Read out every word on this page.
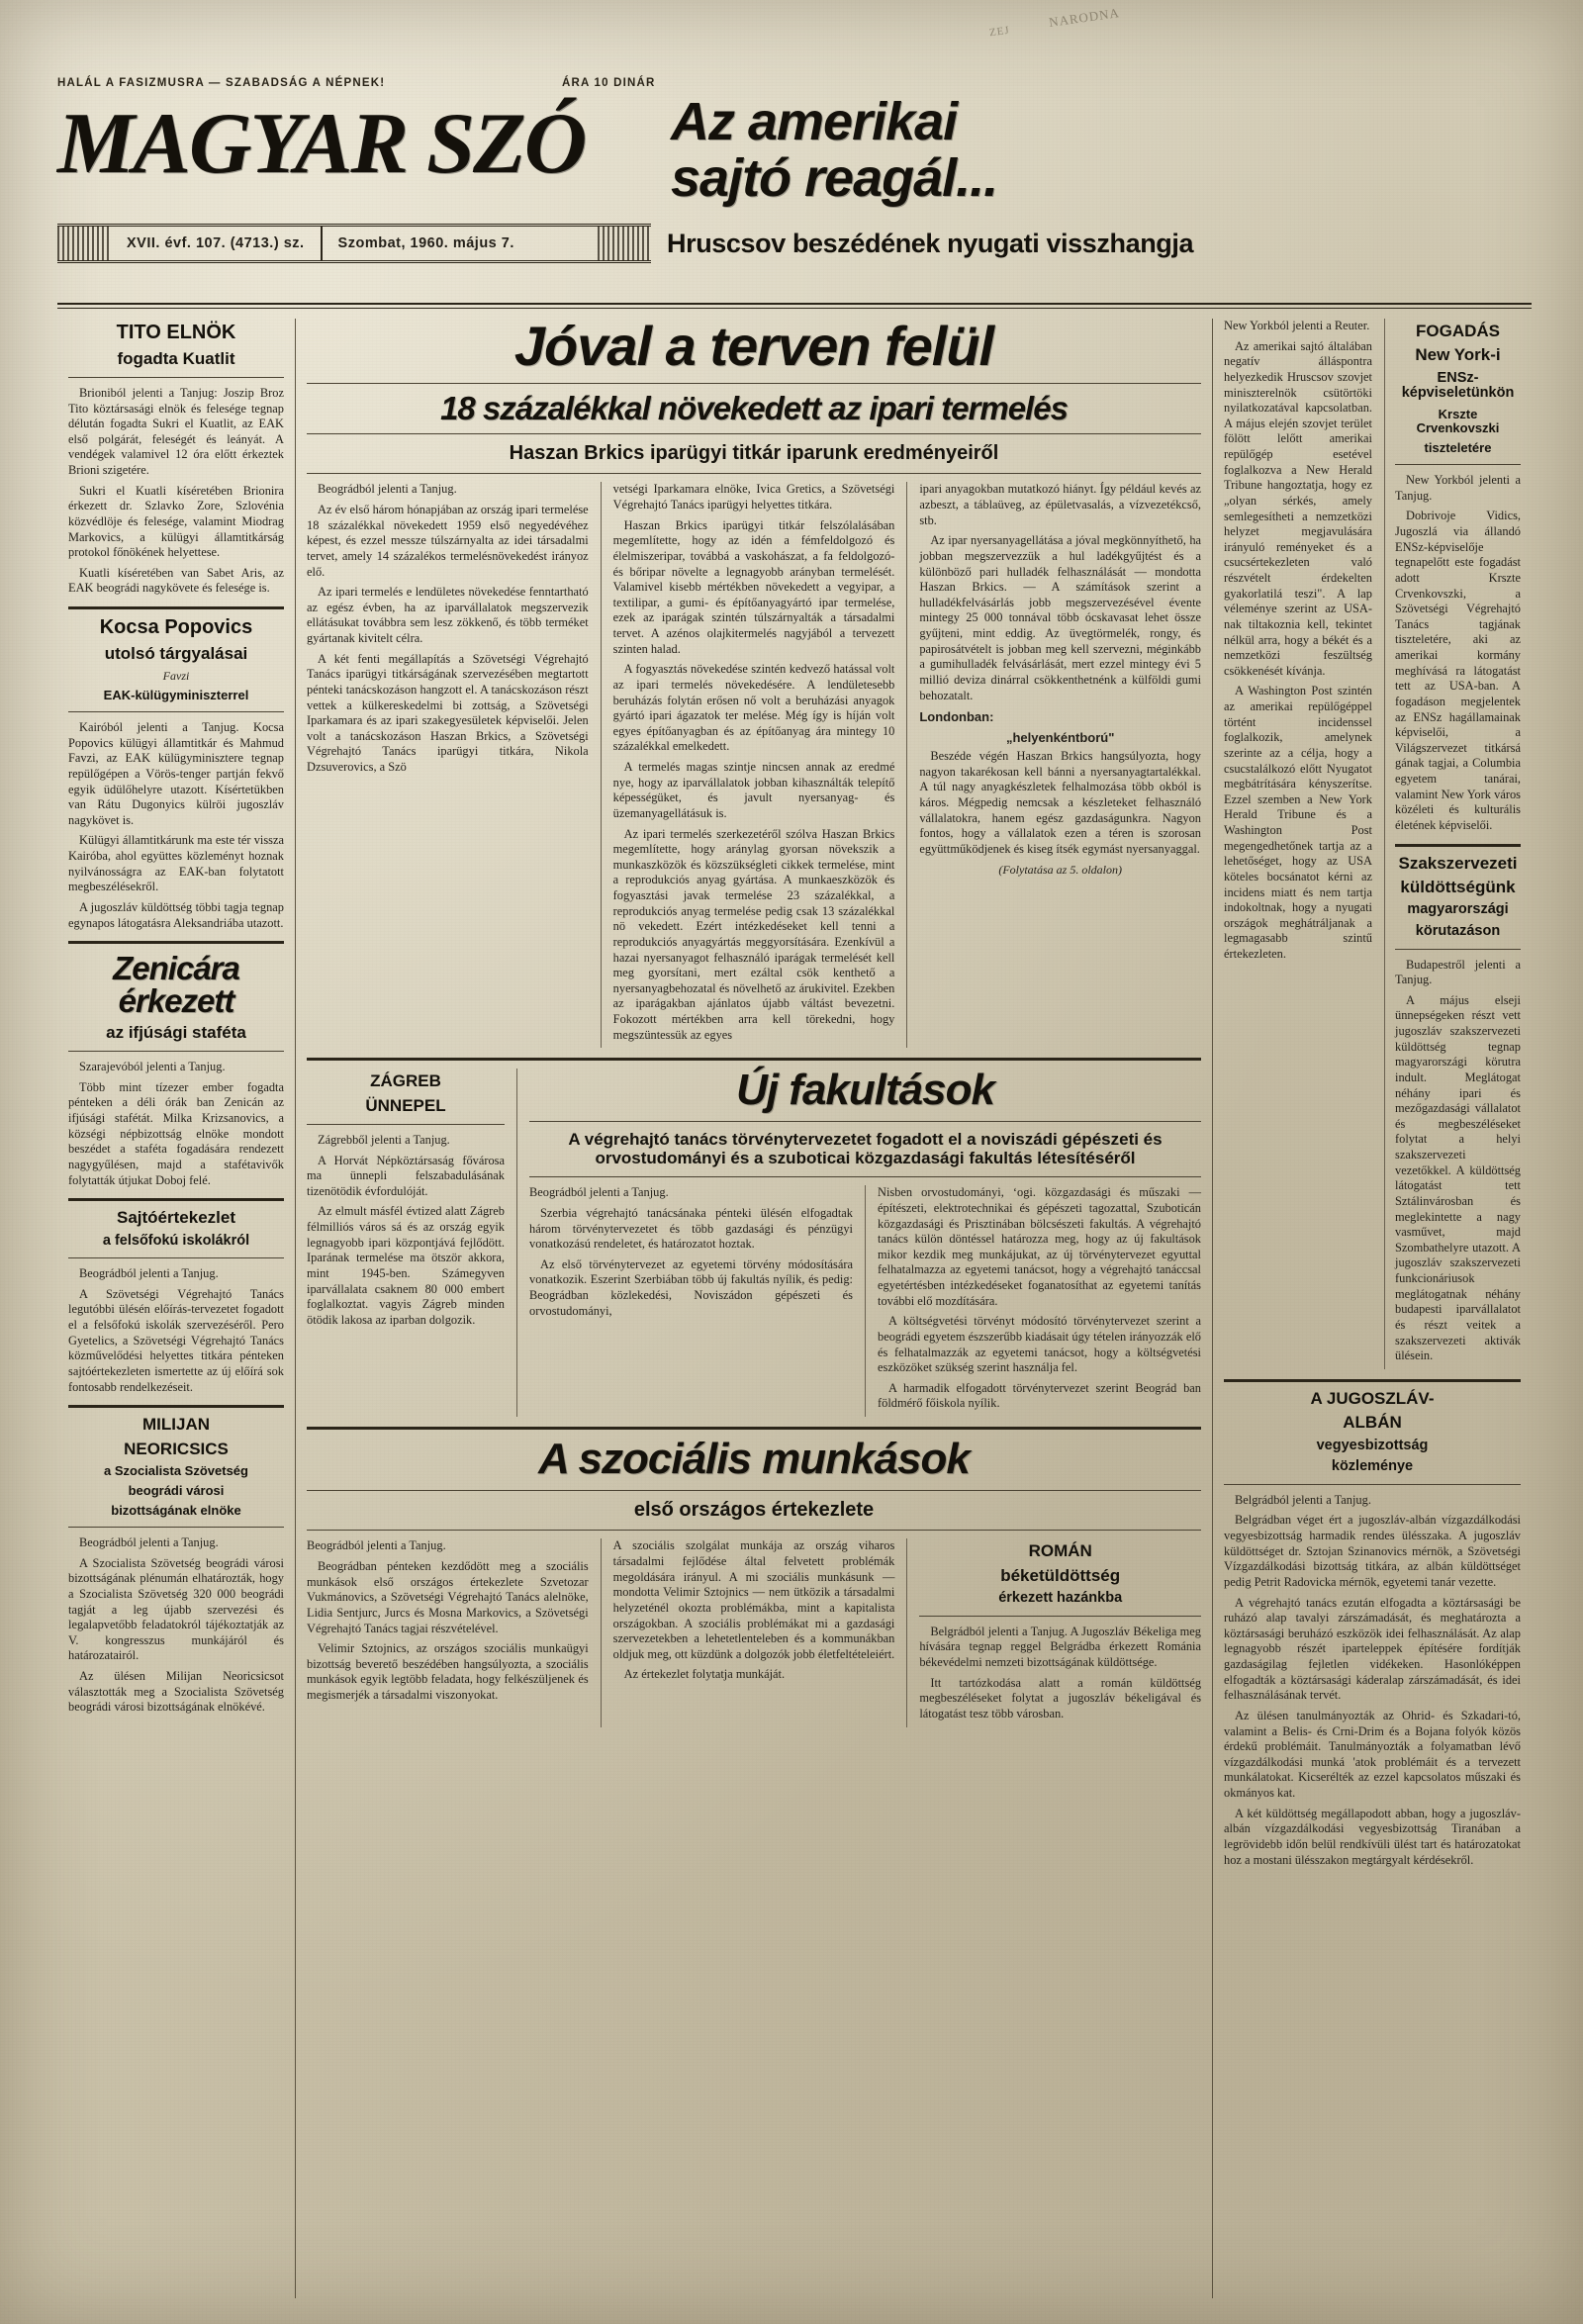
NARODNA
ZEJ
HALÁL A FASIZMUSRA — SZABADSÁG A NÉPNEK!	ÁRA 10 DINÁR
MAGYAR SZÓ	Az amerikai
sajtó reagál...
XVII. évf. 107. (4713.) sz.	Szombat, 1960. május 7.	Hruscsov beszédének nyugati visszhangja
TITO ELNÖK
fogadta Kuatlit

Brioniból jelenti a Tanjug: Joszip Broz Tito köztársasági elnök és felesége tegnap délután fogadta Sukri el Kuatlit, az EAK első polgárát, feleségét és leányát. A vendégek valamivel 12 óra előtt érkeztek Brioni szigetére.

Sukri el Kuatli kíséretében Brionira érkezett dr. Szlavko Zore, Szlovénia közvédlöje és felesége, valamint Miodrag Markovics, a külügyi államtitkárság protokol főnökének helyettese.

Kuatli kíséretében van Sabet Aris, az EAK beográdi nagykövete és felesége is.

Kocsa Popovics
utolsó tárgyalásai
Favzi
EAK-külügyminiszterrel

Kairóból jelenti a Tanjug. Kocsa Popovics külügyi államtitkár és Mahmud Favzi, az EAK külügyminisztere tegnap repülőgépen a Vörös-tenger partján fekvő egyik üdülőhelyre utazott. Kísértetükben van Rátu Dugonyics külröi jugoszláv nagykövet is.

Külügyi államtitkárunk ma este tér vissza Kairóba, ahol együttes közleményt hoznak nyilvánosságra az EAK-ban folytatott megbeszélésekről.

A jugoszláv küldöttség többi tagja tegnap egynapos látogatásra Aleksandriába utazott.

Zenicára érkezett
az ifjúsági staféta

Szarajevóból jelenti a Tanjug.

Több mint tízezer ember fogadta pénteken a déli órák ban Zenicán az ifjúsági stafétát. Milka Krizsanovics, a községi népbizottság elnöke mondott beszédet a staféta fogadására rendezett nagygyűlésen, majd a stafétavivők folytatták útjukat Doboj felé.

Sajtóértekezlet
a felsőfokú iskolákról

Beográdból jelenti a Tanjug.

A Szövetségi Végrehajtó Tanács legutóbbi ülésén előírás-tervezetet fogadott el a felsőfokú iskolák szervezéséről. Pero Gyetelics, a Szövetségi Végrehajtó Tanács közművelődési helyettes titkára pénteken sajtóértekezleten ismertette az új előírá sok fontosabb rendelkezéseit.

MILIJAN
NEORICSICS
a Szocialista Szövetség
beográdi városi
bizottságának elnöke

Beográdból jelenti a Tanjug.

A Szocialista Szövetség beográdi városi bizottságának plénumán elhatározták, hogy a Szocialista Szövetség 320 000 beográdi tagját a leg újabb szervezési és legalapvetőbb feladatokról tájékoztatják az V. kongresszus munkájáról és határozatairól.

Az ülésen Milijan Neoricsicsot választották meg a Szocialista Szövetség beográdi városi bizottságának elnökévé.

Jóval a terven felül
18 százalékkal növekedett az ipari termelés
Haszan Brkics iparügyi titkár iparunk eredményeiről

Beográdból jelenti a Tanjug.

Az év első három hónapjában az ország ipari termelése 18 százalékkal növekedett 1959 első negyedévéhez képest, és ezzel messze túlszárnyalta az idei társadalmi tervet, amely 14 százalékos termelésnövekedést irányoz elő.

Az ipari termelés e lendületes növekedése fenntartható az egész évben, ha az iparvállalatok megszervezik ellátásukat továbbra sem lesz zökkenő, és több terméket gyártanak kivitelt célra.

A két fenti megállapítás a Szövetségi Végrehajtó Tanács iparügyi titkárságának szervezésében megtartott pénteki tanácskozáson hangzott el. A tanácskozáson részt vettek a külkereskedelmi bi zottság, a Szövetségi Iparkamara és az ipari szakegyesületek képviselői. Jelen volt a tanácskozáson Haszan Brkics, a Szövetségi Végrehajtó Tanács iparügyi titkára, Nikola Dzsuverovics, a Szö

vetségi Iparkamara elnöke, Ivica Gretics, a Szövetségi Végrehajtó Tanács iparügyi helyettes titkára.

Haszan Brkics iparügyi titkár felszólalásában megemlítette, hogy az idén a fémfeldolgozó és élelmiszeripar, továbbá a vaskohászat, a fa feldolgozó- és bőripar növelte a legnagyobb arányban termelését. Valamivel kisebb mértékben növekedett a vegyipar, a textilipar, a gumi- és építőanyagyártó ipar termelése, ezek az iparágak szintén túlszárnyalták a társadalmi tervet. A azénos olajkitermelés nagyjából a tervezett szinten halad.

A fogyasztás növekedése szintén kedvező hatással volt az ipari termelés növekedésére. A lendületesebb beruházás folytán erősen nő volt a beruházási anyagok gyártó ipari ágazatok ter melése. Még így is híján volt egyes építőanyagban és az építőanyag ára mintegy 10 százalékkal emelkedett.

A termelés magas szintje nincsen annak az eredmé nye, hogy az iparvállalatok jobban kihasználták telepítő képességüket, és javult nyersanyag- és üzemanyagellátásuk is.

Az ipari termelés szerkezetéről szólva Haszan Brkics megemlítette, hogy aránylag gyorsan növekszik a munkaszközök és közszükségleti cikkek termelése, mint a reprodukciós anyag gyártása. A munkaeszközök és fogyasztási javak termelése 23 százalékkal, a reprodukciós anyag termelése pedig csak 13 százalékkal nö vekedett. Ezért intézkedéseket kell tenni a reprodukciós anyagyártás meggyorsítására. Ezenkívül a hazai nyersanyagot felhasználó iparágak termelését kell meg gyorsítani, mert ezáltal csök kenthető a nyersanyagbehozatal és növelhető az árukivitel. Ezekben az iparágakban ajánlatos újabb váltást bevezetni. Fokozott mértékben arra kell törekedni, hogy megszüntessük az egyes

ipari anyagokban mutatkozó hiányt. Így például kevés az azbeszt, a táblaüveg, az épületvasalás, a vízvezetékcső, stb.

Az ipar nyersanyagellátása a jóval megkönnyíthető, ha jobban megszervezzük a hul ladékgyűjtést és a különböző pari hulladék felhasználását — mondotta Haszan Brkics. — A számítások szerint a hulladékfelvásárlás jobb megszervezésével évente mintegy 25 000 tonnával több ócskavasat lehet össze gyűjteni, mint eddig. Az üvegtörmelék, rongy, és papirosátvételt is jobban meg kell szervezni, méginkább a gumihulladék felvásárlását, mert ezzel mintegy évi 5 millió deviza dinárral csökkenthetnénk a külföldi gumi behozatalt.

Londonban:
„helyenkéntború"

Beszéde végén Haszan Brkics hangsúlyozta, hogy nagyon takarékosan kell bánni a nyersanyagtartalékkal. A túl nagy anyagkészletek felhalmozása több okból is káros. Mégpedig nemcsak a készleteket felhasználó vállalatokra, hanem egész gazdaságunkra. Nagyon fontos, hogy a vállalatok ezen a téren is szorosan együttműködjenek és kiseg ítsék egymást nyersanyaggal.

(Folytatása az 5. oldalon)
ZÁGREB
ÜNNEPEL

Zágrebből jelenti a Tanjug.

A Horvát Népköztársaság fővárosa ma ünnepli felszabadulásának tizenötödik évfordulóját.

Az elmult másfél évtized alatt Zágreb félmilliós város sá és az ország egyik legnagyobb ipari központjává fejlődött. Iparának termelése ma ötször akkora, mint 1945-ben. Számegyven iparvállalata csaknem 80 000 embert foglalkoztat. vagyis Zágreb minden ötödik lakosa az iparban dolgozik.

Új fakultások
A végrehajtó tanács törvénytervezetet fogadott el a noviszádi gépészeti és orvostudományi és a szuboticai közgazdasági fakultás létesítéséről

Beográdból jelenti a Tanjug.

Szerbia végrehajtó tanácsánaka pénteki ülésén elfogadtak három törvénytervezetet és több gazdasági és pénzügyi vonatkozású rendeletet, és határozatot hoztak.

Az első törvénytervezet az egyetemi törvény módosítására vonatkozik. Eszerint Szerbiában több új fakultás nyílik, és pedig: Beográdban közlekedési, Noviszádon gépészeti és orvostudományi,

Nisben orvostudományi, ‘ogi. közgazdasági és műszaki — építészeti, elektrotechnikai és gépészeti tagozattal, Szuboticán közgazdasági és Prisztinában bölcsészeti fakultás. A végrehajtó tanács külön döntéssel határozza meg, hogy az új fakultások mikor kezdik meg munkájukat, az új törvénytervezet egyuttal felhatalmazza az egyetemi tanácsot, hogy a végrehajtó tanáccsal egyetértésben intézkedéseket foganatosíthat az egyetemi tanítás további elő mozdítására.

A költségvetési törvényt módosító törvénytervezet szerint a beográdi egyetem észszerűbb kiadásait úgy tételen irányozzák elő és felhatalmazzák az egyetemi tanácsot, hogy a költségvetési eszközöket szükség szerint használja fel.

A harmadik elfogadott törvénytervezet szerint Beográd ban földmérő főiskola nyílik.

A szociális munkások
első országos értekezlete

Beográdból jelenti a Tanjug.

Beográdban pénteken kezdődött meg a szociális munkások első országos értekezlete Szvetozar Vukmánovics, a Szövetségi Végrehajtó Tanács alelnöke, Lidia Sentjurc, Jurcs és Mosna Markovics, a Szövetségi Végrehajtó Tanács tagjai részvételével.

Velimir Sztojnics, az országos szociális munkaügyi bizottság beverető beszédében hangsúlyozta, a szociális munkások egyik legtöbb feladata, hogy felkészüljenek és megismerjék a társadalmi viszonyokat.

A szociális szolgálat munkája az ország viharos társadalmi fejlődése által felvetett problémák megoldására irányul. A mi szociális munkásunk — mondotta Velimir Sztojnics — nem ütközik a társadalmi helyzeténél okozta problémákba, mint a kapitalista országokban. A szociális problémákat mi a gazdasági szervezetekben a lehetetlenteleben és a kommunákban oldjuk meg, ott küzdünk a dolgozók jobb életfeltételeiért.

Az értekezlet folytatja munkáját.

ROMÁN
béketüldöttség
érkezett hazánkba

Belgrádból jelenti a Tanjug. A Jugoszláv Békeliga meg hívására tegnap reggel Belgrádba érkezett Románia békevédelmi nemzeti bizottságának küldöttsége.

Itt tartózkodása alatt a román küldöttség megbeszéléseket folytat a jugoszláv békeligával és látogatást tesz több városban.

New Yorkból jelenti a Reuter.

Az amerikai sajtó általában negatív álláspontra helyezkedik Hruscsov szovjet miniszterelnök csütörtöki nyilatkozatával kapcsolatban. A május elején szovjet terület fölött lelőtt amerikai repülőgép esetével foglalkozva a New Herald Tribune hangoztatja, hogy ez „olyan sérkés, amely semlegesítheti a nemzetközi helyzet megjavulására irányuló reményeket és a csucsértekezleten való részvételt érdekelten gyakorlatilá teszi". A lap véleménye szerint az USA-nak tiltakoznia kell, tekintet nélkül arra, hogy a békét és a nemzetközi feszültség csökkenését kívánja.

A Washington Post szintén az amerikai repülőgéppel történt incidenssel foglalkozik, amelynek szerinte az a célja, hogy a csucstalálkozó előtt Nyugatot megbátrítására kényszerítse. Ezzel szemben a New York Herald Tribune és a Washington Post megengedhetőnek tartja az a lehetőséget, hogy az USA köteles bocsánatot kérni az incidens miatt és nem tartja indokoltnak, hogy a nyugati országok meghátráljanak a legmagasabb szintű értekezleten.

FOGADÁS
New York-i
ENSz-képviseletünkön
Krszte Crvenkovszki
tiszteletére

New Yorkból jelenti a Tanjug.

Dobrivoje Vidics, Jugoszlá via állandó ENSz-képviselője tegnapelőtt este fogadást adott Krszte Crvenkovszki, a Szövetségi Végrehajtó Tanács tagjának tiszteletére, aki az amerikai kormány meghívásá ra látogatást tett az USA-ban. A fogadáson megjelentek az ENSz hagállamainak képviselői, a Világszervezet titkársá gának tagjai, a Columbia egyetem tanárai, valamint New York város közéleti és kulturális életének képviselői.

Szakszervezeti
küldöttségünk
magyarországi
körutazáson

Budapestről jelenti a Tanjug.

A május elseji ünnepségeken részt vett jugoszláv szakszervezeti küldöttség tegnap magyarországi körutra indult. Meglátogat néhány ipari és mezőgazdasági vállalatot és megbeszéléseket folytat a helyi szakszervezeti vezetőkkel. A küldöttség látogatást tett Sztálinvárosban és meglekintette a nagy vasművet, majd Szombathelyre utazott. A jugoszláv szakszervezeti funkcionáriusok meglátogatnak néhány budapesti iparvállalatot és részt veitek a szakszervezeti aktivák ülésein.

A JUGOSZLÁV-
ALBÁN
vegyesbizottság
közleménye

Belgrádból jelenti a Tanjug.

Belgrádban véget ért a jugoszláv-albán vízgazdálkodási vegyesbizottság harmadik rendes ülésszaka. A jugoszláv küldöttséget dr. Sztojan Szinanovics mérnök, a Szövetségi Vízgazdálkodási bizottság titkára, az albán küldöttséget pedig Petrit Radovicka mérnök, egyetemi tanár vezette.

A végrehajtó tanács ezután elfogadta a köztársasági be ruházó alap tavalyi zárszámadását, és meghatározta a köztársasági beruházó eszközök idei felhasználását. Az alap legnagyobb részét iparteleppek építésére fordítják gazdaságilag fejletlen vidékeken. Hasonlóképpen elfogadták a köztársasági káderalap zárszámadását, és idei felhasználásának tervét.

Az ülésen tanulmányozták az Ohrid- és Szkadari-tó, valamint a Belis- és Crni-Drim és a Bojana folyók közös érdekű problémáit. Tanulmányozták a folyamatban lévő vízgazdálkodási munká 'atok problémáit és a tervezett munkálatokat. Kicserélték az ezzel kapcsolatos műszaki és okmányos kat.

A két küldöttség megállapodott abban, hogy a jugoszláv-albán vízgazdálkodási vegyesbizottság Tiranában a legrövidebb időn belül rendkívüli ülést tart és határozatokat hoz a mostani ülésszakon megtárgyalt kérdésekről.
